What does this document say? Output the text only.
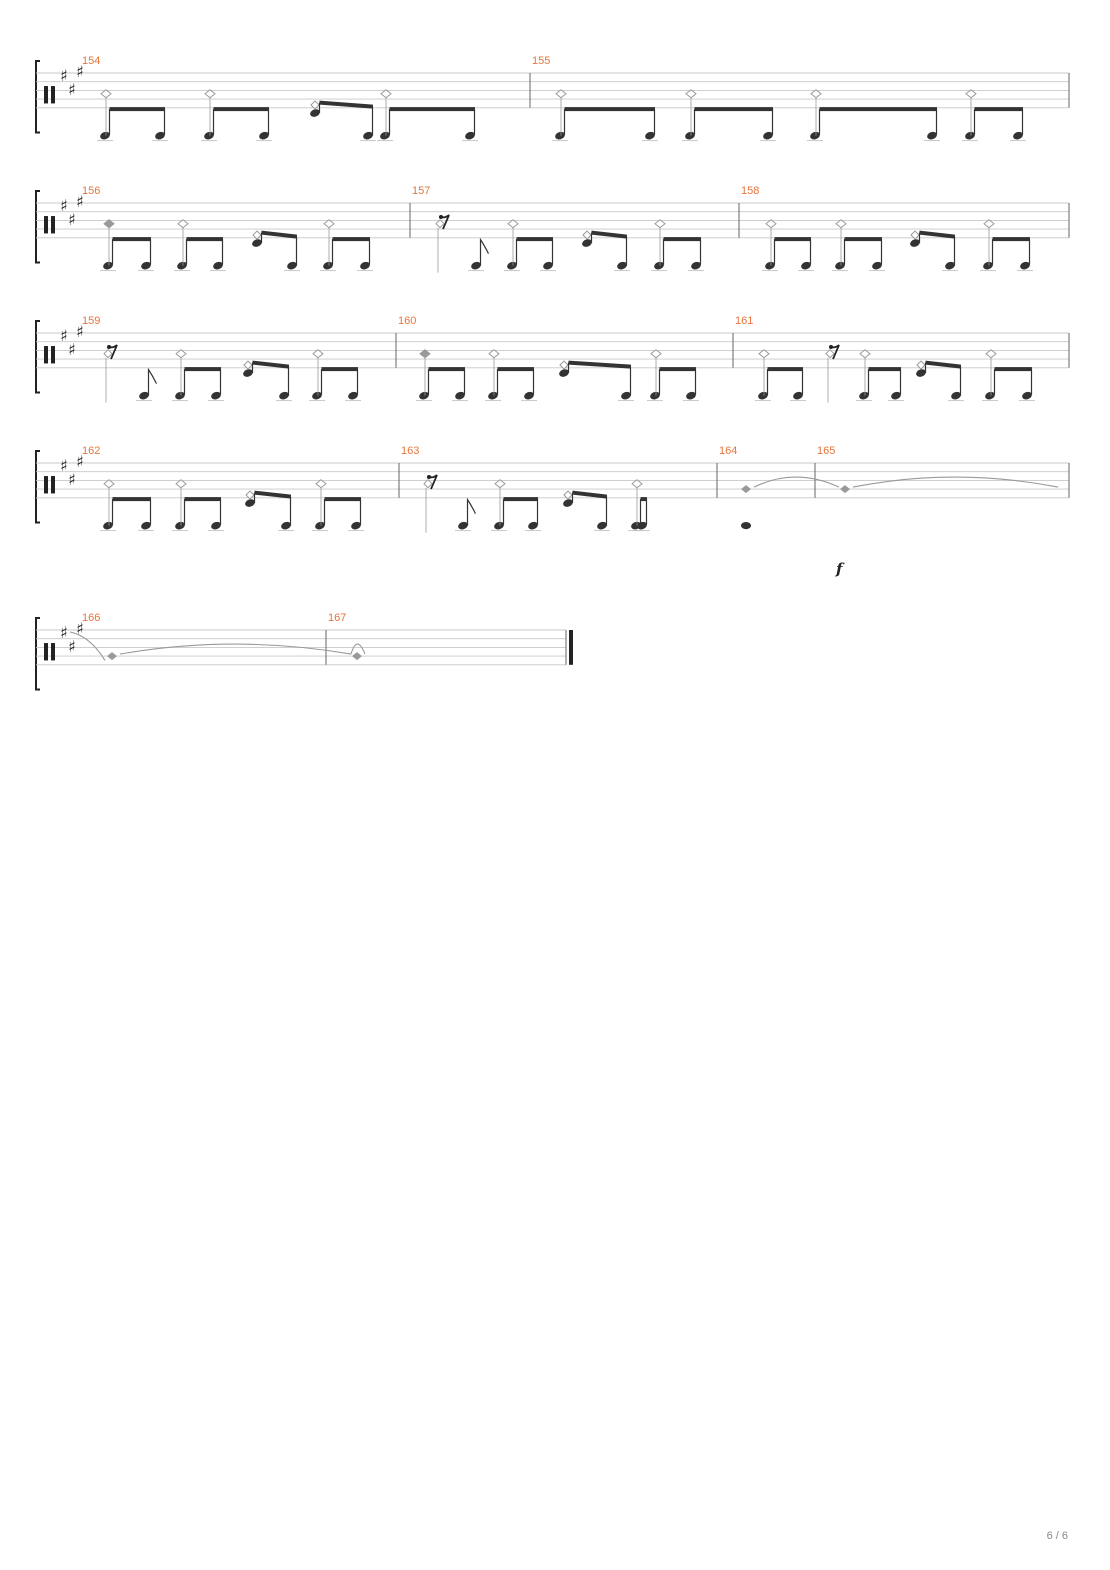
♯
♯
♯
154	155
♯
♯
♯
156	157	158
♯
♯
♯
159	160	161
♯
♯
♯
162	163	164	165
f
♯
♯
♯
166	167
6 / 6
